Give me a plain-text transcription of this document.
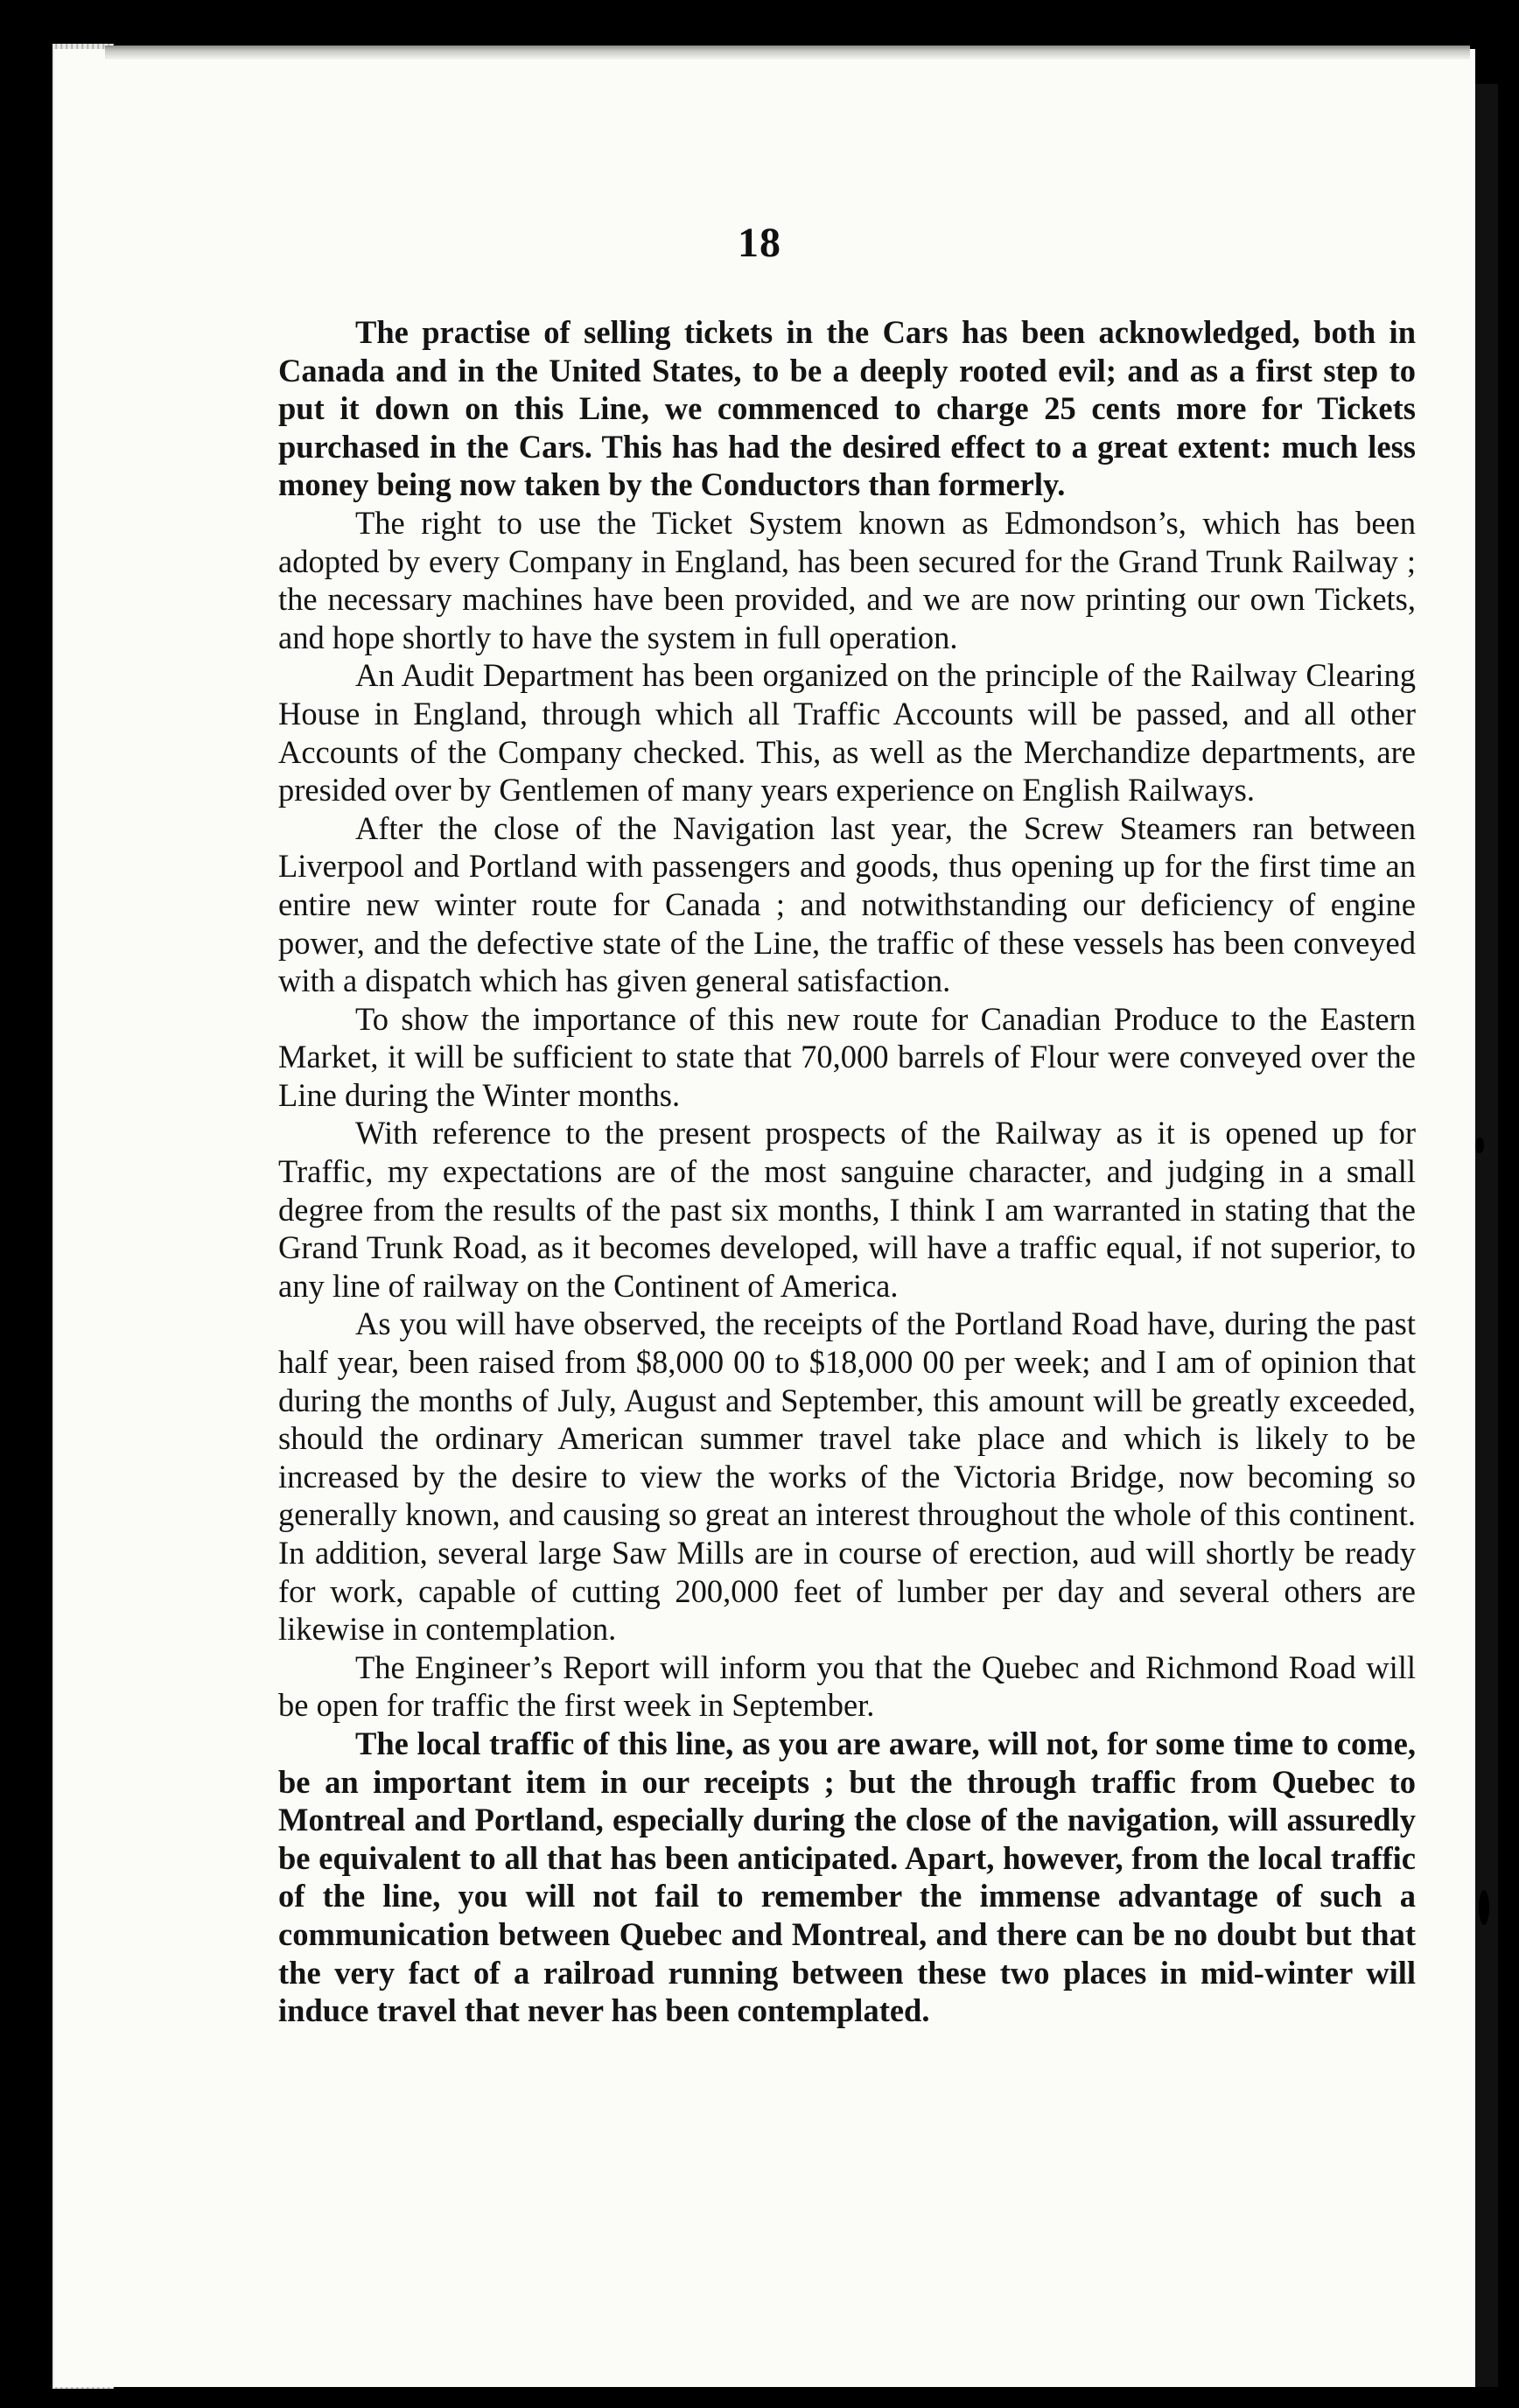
18

The practise of selling tickets in the Cars has been acknowledged, both in Canada and in the United States, to be a deeply rooted evil; and as a first step to put it down on this Line, we commenced to charge 25 cents more for Tickets purchased in the Cars. This has had the desired effect to a great extent: much less money being now taken by the Conductors than formerly.

The right to use the Ticket System known as Edmondson’s, which has been adopted by every Company in England, has been secured for the Grand Trunk Railway ; the necessary machines have been provided, and we are now printing our own Tickets, and hope shortly to have the system in full operation.

An Audit Department has been organized on the principle of the Railway Clearing House in England, through which all Traffic Accounts will be passed, and all other Accounts of the Company checked. This, as well as the Merchandize departments, are presided over by Gentlemen of many years experience on English Railways.

After the close of the Navigation last year, the Screw Steamers ran between Liverpool and Portland with passengers and goods, thus opening up for the first time an entire new winter route for Canada ; and notwithstanding our deficiency of engine power, and the defective state of the Line, the traffic of these vessels has been conveyed with a dispatch which has given general satisfaction.

To show the importance of this new route for Canadian Produce to the Eastern Market, it will be sufficient to state that 70,000 barrels of Flour were conveyed over the Line during the Winter months.

With reference to the present prospects of the Railway as it is opened up for Traffic, my expectations are of the most sanguine character, and judging in a small degree from the results of the past six months, I think I am warranted in stating that the Grand Trunk Road, as it becomes developed, will have a traffic equal, if not superior, to any line of railway on the Continent of America.

As you will have observed, the receipts of the Portland Road have, during the past half year, been raised from $8,000 00 to $18,000 00 per week; and I am of opinion that during the months of July, August and September, this amount will be greatly exceeded, should the ordinary American summer travel take place and which is likely to be increased by the desire to view the works of the Victoria Bridge, now becoming so generally known, and causing so great an interest throughout the whole of this continent. In addition, several large Saw Mills are in course of erection, aud will shortly be ready for work, capable of cutting 200,000 feet of lumber per day and several others are likewise in contemplation.

The Engineer’s Report will inform you that the Quebec and Richmond Road will be open for traffic the first week in September.

The local traffic of this line, as you are aware, will not, for some time to come, be an important item in our receipts ; but the through traffic from Quebec to Montreal and Portland, especially during the close of the navigation, will assuredly be equivalent to all that has been anticipated. Apart, however, from the local traffic of the line, you will not fail to remember the immense advantage of such a communication between Quebec and Montreal, and there can be no doubt but that the very fact of a railroad running between these two places in mid-winter will induce travel that never has been contemplated.
